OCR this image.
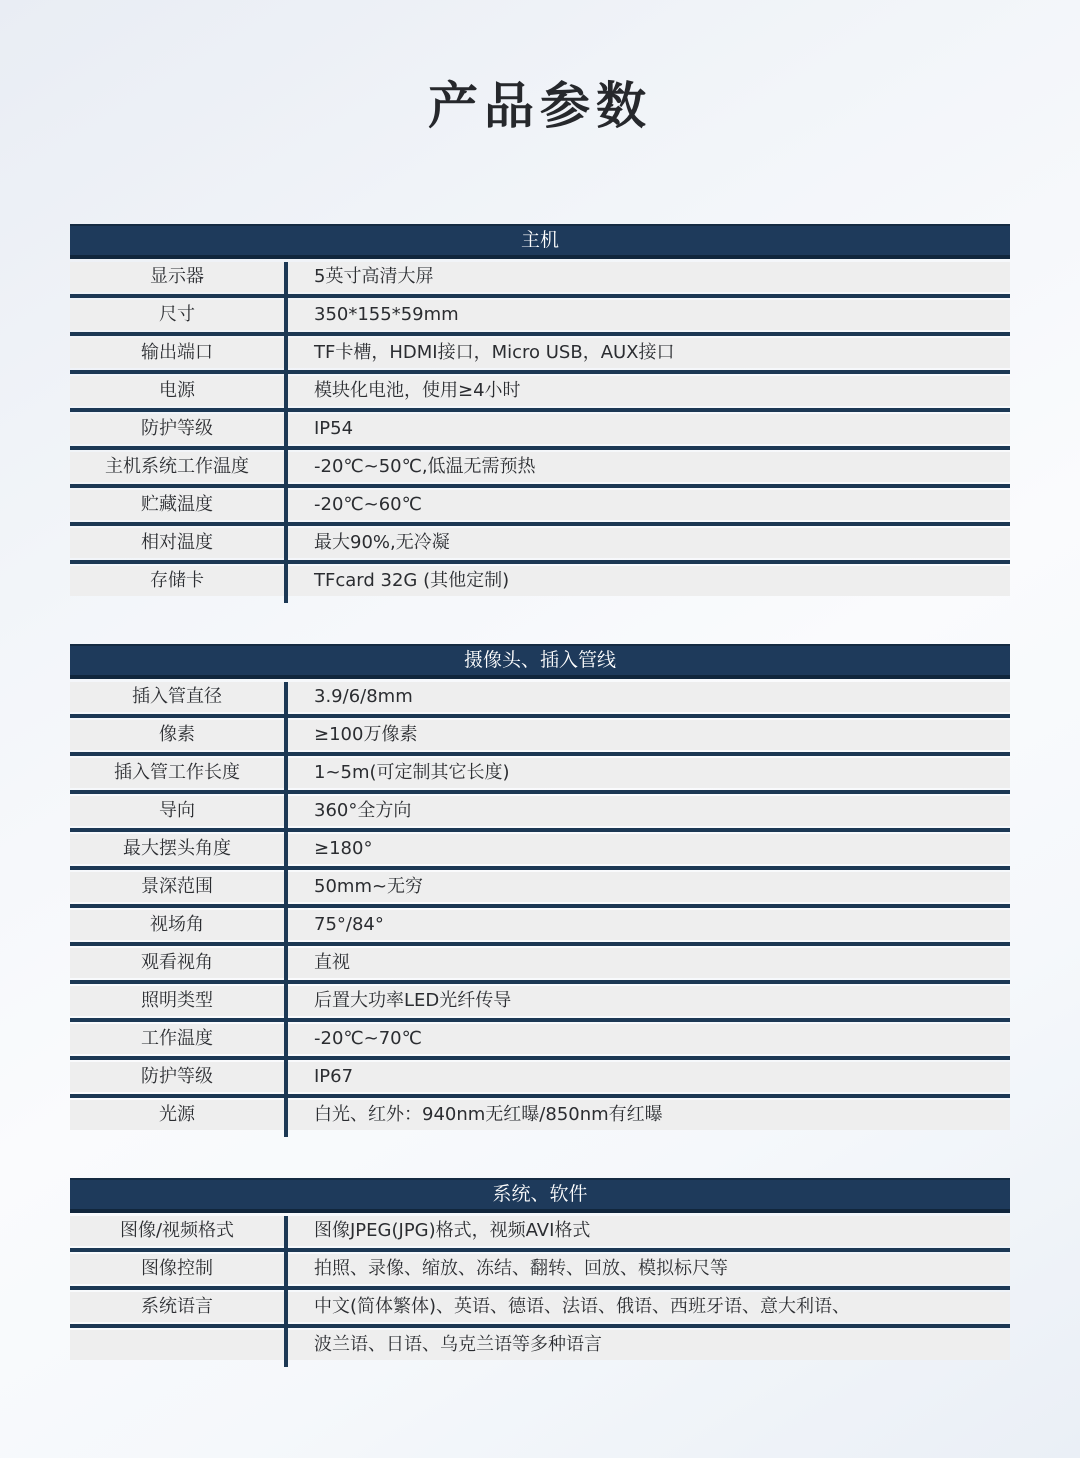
产品参数
主机
显示器	5英寸高清大屏
尺寸	350*155*59mm
输出端口	TF卡槽，HDMI接口，Micro USB，AUX接口
电源	模块化电池，使用≥4小时
防护等级	IP54
主机系统工作温度	-20℃~50℃,低温无需预热
贮藏温度	-20℃~60℃
相对温度	最大90%,无冷凝
存储卡	TFcard 32G (其他定制)
摄像头、插入管线
插入管直径	3.9/6/8mm
像素	≥100万像素
插入管工作长度	1~5m(可定制其它长度)
导向	360°全方向
最大摆头角度	≥180°
景深范围	50mm~无穷
视场角	75°/84°
观看视角	直视
照明类型	后置大功率LED光纤传导
工作温度	-20℃~70℃
防护等级	IP67
光源	白光、红外：940nm无红曝/850nm有红曝
系统、软件
图像/视频格式	图像JPEG(JPG)格式，视频AVI格式
图像控制	拍照、录像、缩放、冻结、翻转、回放、模拟标尺等
系统语言	中文(简体繁体)、英语、德语、法语、俄语、西班牙语、意大利语、
波兰语、日语、乌克兰语等多种语言
